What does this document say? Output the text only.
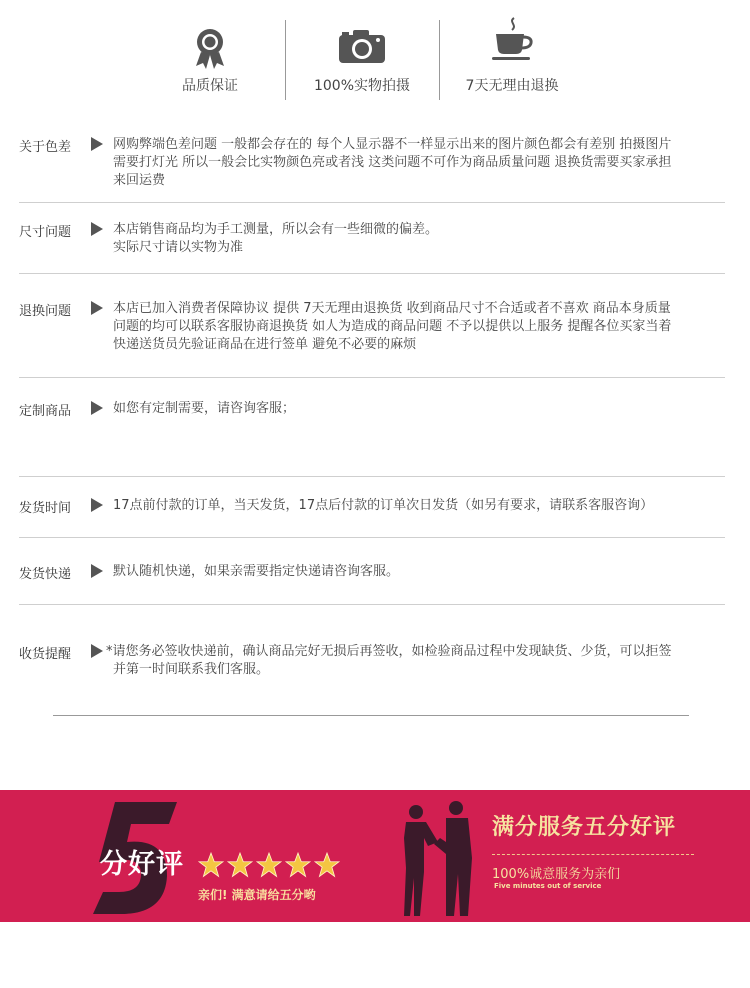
品质保证	100%实物拍摄	7天无理由退换
关于色差	网购弊端色差问题 一般都会存在的 每个人显示器不一样显示出来的图片颜色都会有差别 拍摄图片
需要打灯光 所以一般会比实物颜色亮或者浅 这类问题不可作为商品质量问题 退换货需要买家承担
来回运费
尺寸问题	本店销售商品均为手工测量，所以会有一些细微的偏差。
实际尺寸请以实物为准
退换问题	本店已加入消费者保障协议 提供 7天无理由退换货 收到商品尺寸不合适或者不喜欢 商品本身质量
问题的均可以联系客服协商退换货 如人为造成的商品问题 不予以提供以上服务 提醒各位买家当着
快递送货员先验证商品在进行签单 避免不必要的麻烦
定制商品	如您有定制需要，请咨询客服；
发货时间	17点前付款的订单，当天发货，17点后付款的订单次日发货（如另有要求，请联系客服咨询）
发货快递	默认随机快递，如果亲需要指定快递请咨询客服。
收货提醒	*请您务必签收快递前，确认商品完好无损后再签收，如检验商品过程中发现缺货、少货，可以拒签
并第一时间联系我们客服。
分好评
亲们! 满意请给五分哟
满分服务五分好评
100%诚意服务为亲们
Five minutes out of service
